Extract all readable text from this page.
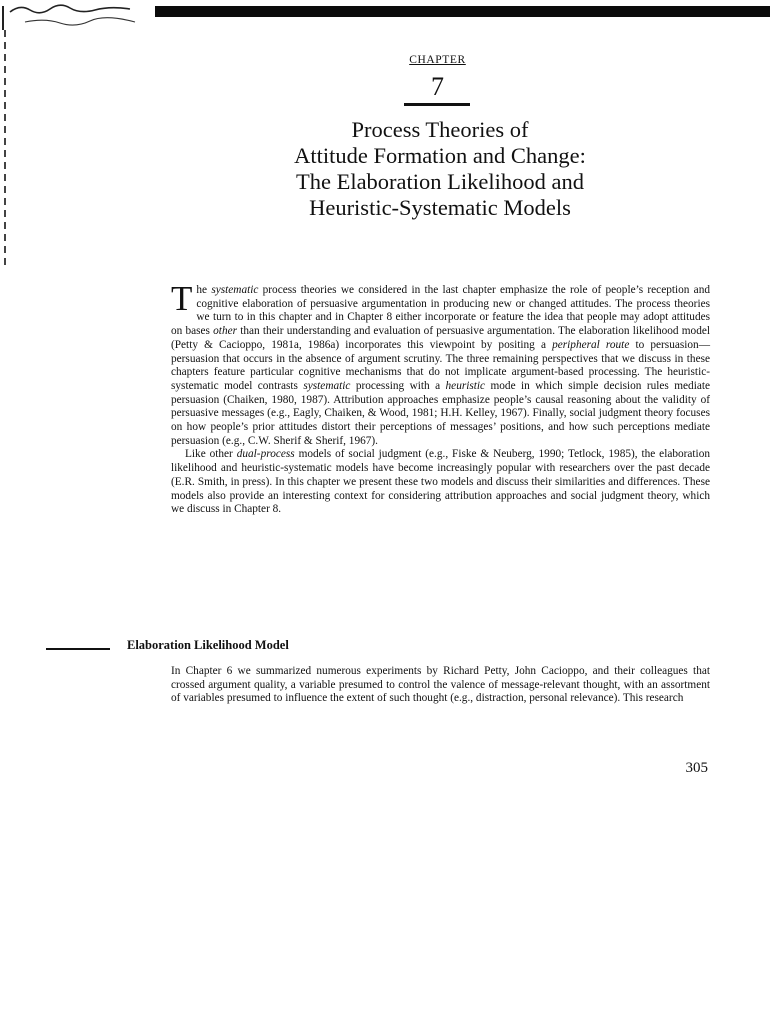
CHAPTER
7
Process Theories of
Attitude Formation and Change:
The Elaboration Likelihood and
Heuristic-Systematic Models
T he systematic process theories we considered in the last chapter emphasize the role of people’s reception and cognitive elaboration of persuasive argumentation in producing new or changed attitudes. The process theories we turn to in this chapter and in Chapter 8 either incorporate or feature the idea that people may adopt attitudes on bases other than their understanding and evaluation of persuasive argumentation. The elaboration likelihood model (Petty & Cacioppo, 1981a, 1986a) incorporates this viewpoint by positing a peripheral route to persuasion—persuasion that occurs in the absence of argument scrutiny. The three remaining perspectives that we discuss in these chapters feature particular cognitive mechanisms that do not implicate argument-based processing. The heuristic-systematic model contrasts systematic processing with a heuristic mode in which simple decision rules mediate persuasion (Chaiken, 1980, 1987). Attribution approaches emphasize people’s causal reasoning about the validity of persuasive messages (e.g., Eagly, Chaiken, & Wood, 1981; H.H. Kelley, 1967). Finally, social judgment theory focuses on how people’s prior attitudes distort their perceptions of messages’ positions, and how such perceptions mediate persuasion (e.g., C.W. Sherif & Sherif, 1967).

Like other dual-process models of social judgment (e.g., Fiske & Neuberg, 1990; Tetlock, 1985), the elaboration likelihood and heuristic-systematic models have become increasingly popular with researchers over the past decade (E.R. Smith, in press). In this chapter we present these two models and discuss their similarities and differences. These models also provide an interesting context for considering attribution approaches and social judgment theory, which we discuss in Chapter 8.

Elaboration Likelihood Model
In Chapter 6 we summarized numerous experiments by Richard Petty, John Cacioppo, and their colleagues that crossed argument quality, a variable presumed to control the valence of message-relevant thought, with an assortment of variables presumed to influence the extent of such thought (e.g., distraction, personal relevance). This research
305
